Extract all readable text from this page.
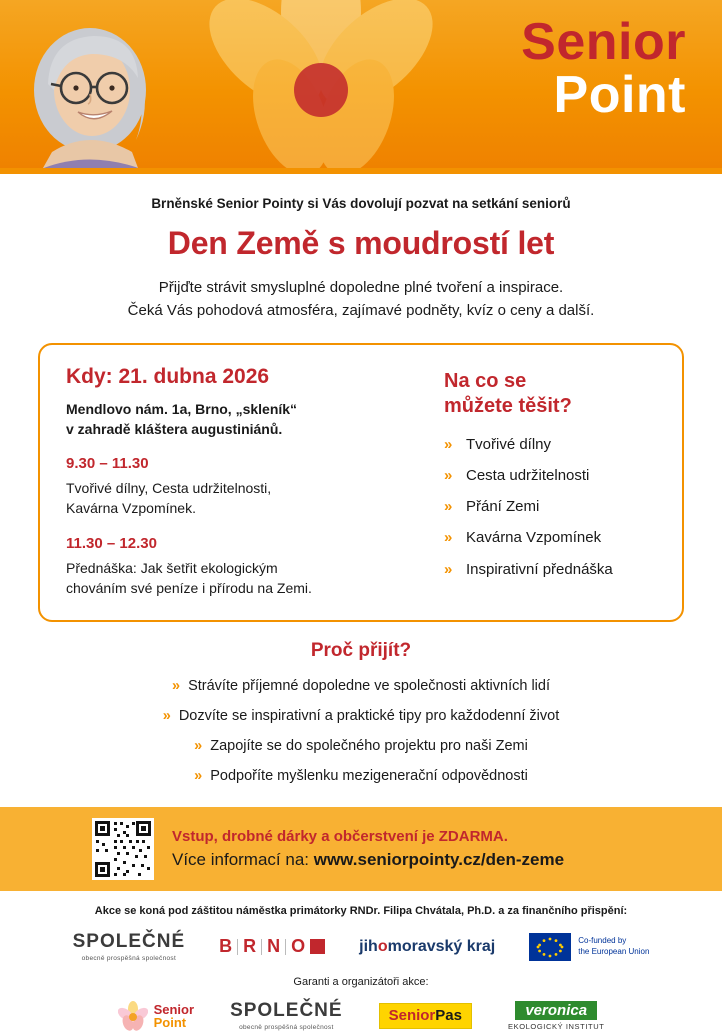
Senior
Point
Brněnské Senior Pointy si Vás dovolují pozvat na setkání seniorů
Den Země s moudrostí let
Přijďte strávit smysluplné dopoledne plné tvoření a inspirace.
Čeká Vás pohodová atmosféra, zajímavé podněty, kvíz o ceny a další.
Kdy: 21. dubna 2026
Mendlovo nám. 1a, Brno, „skleník“
v zahradě kláštera augustiniánů.
9.30 – 11.30
Tvořivé dílny, Cesta udržitelnosti,
Kavárna Vzpomínek.
11.30 – 12.30
Přednáška: Jak šetřit ekologickým
chováním své peníze i přírodu na Zemi.
Na co se
můžete těšit?
» Tvořivé dílny
» Cesta udržitelnosti
» Přání Zemi
» Kavárna Vzpomínek
» Inspirativní přednáška
Proč přijít?
» Strávíte příjemné dopoledne ve společnosti aktivních lidí
» Dozvíte se inspirativní a praktické tipy pro každodenní život
» Zapojíte se do společného projektu pro naši Zemi
» Podpoříte myšlenku mezigenerační odpovědnosti
Vstup, drobné dárky a občerstvení je ZDARMA.
Více informací na: www.seniorpointy.cz/den-zeme
Akce se koná pod záštitou náměstka primátorky RNDr. Filipa Chvátala, Ph.D. a za finančního přispění:
SPOLEČNÉ
obecně prospěšná společnost
B R N O	jihomoravský kraj	Co-funded by
the European Union
Garanti a organizátoři akce:
Senior
Point
SPOLEČNÉ
obecně prospěšná společnost
SeniorPas	veronica
EKOLOGICKÝ INSTITUT
